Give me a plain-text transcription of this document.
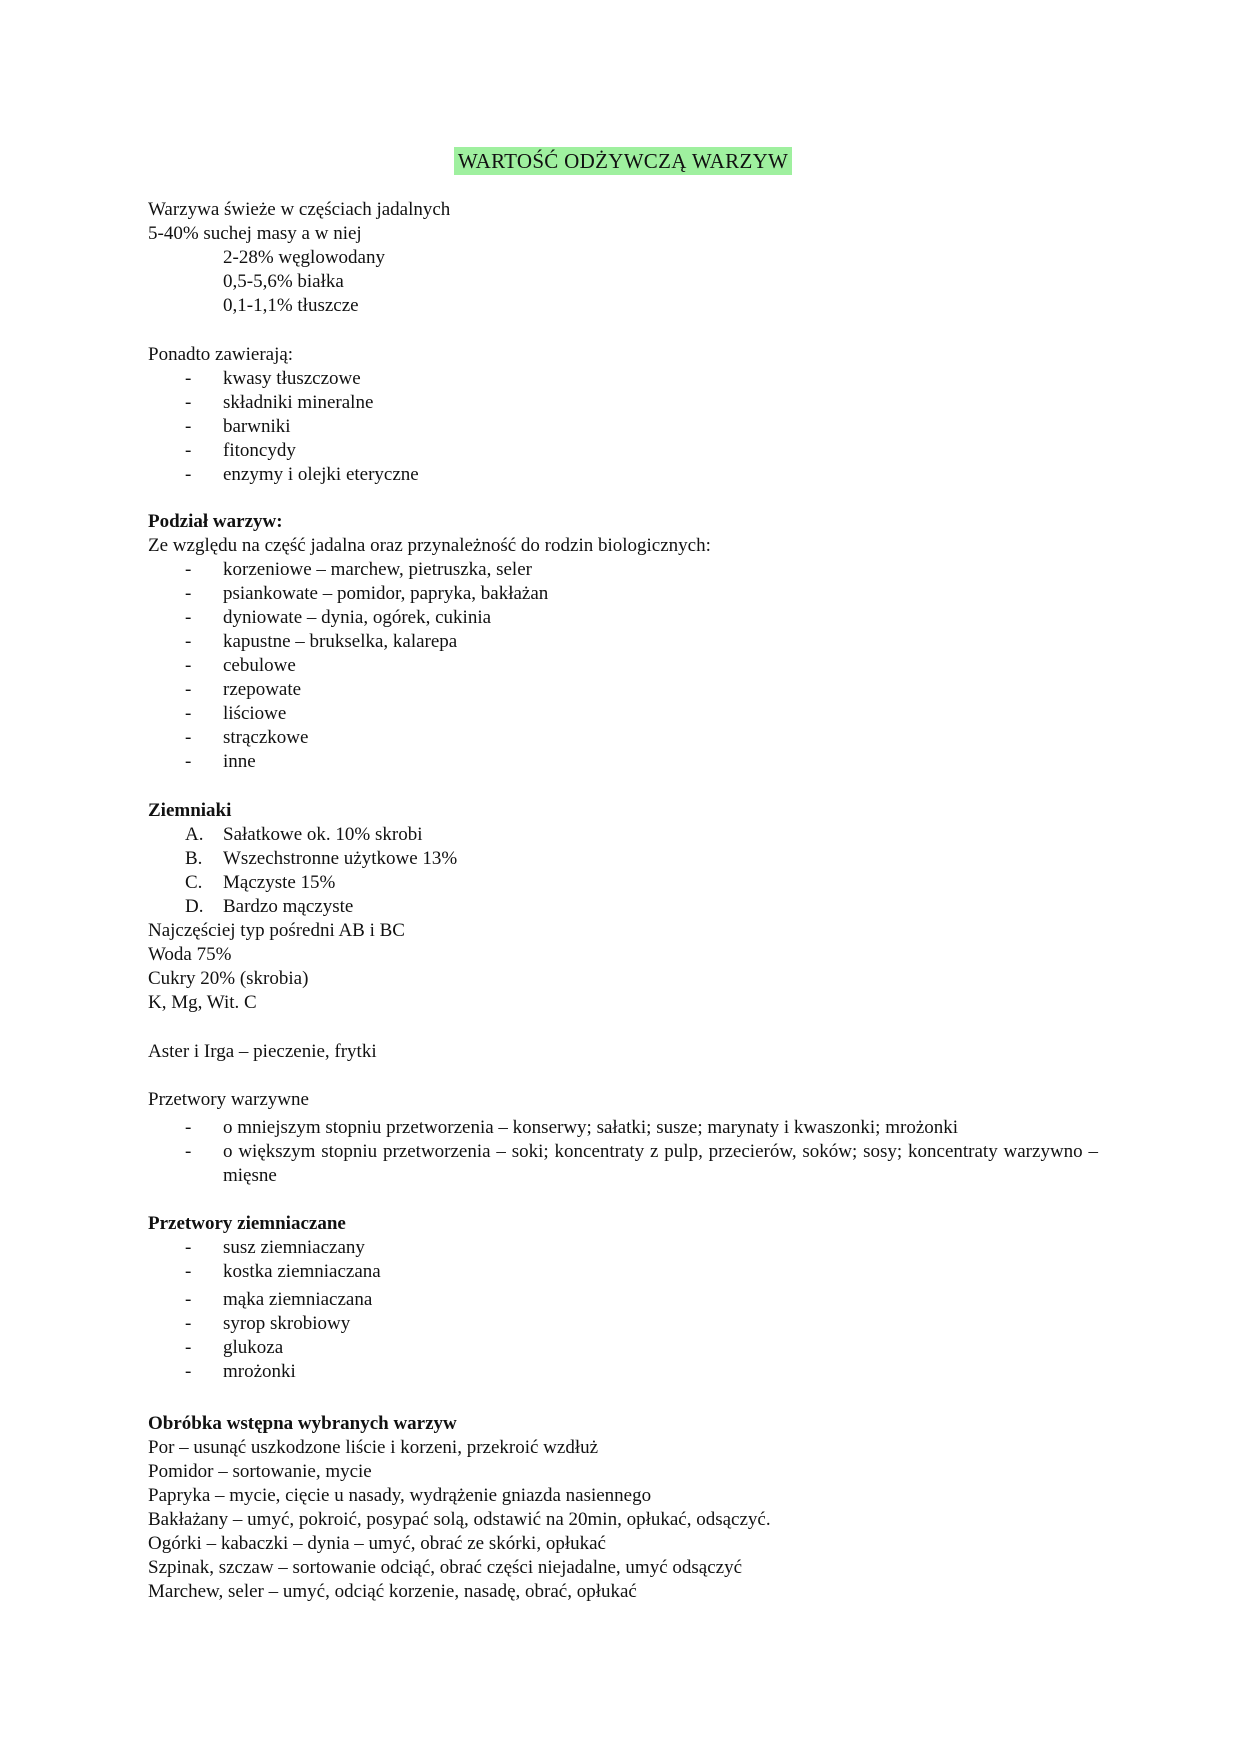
WARTOŚĆ ODŻYWCZĄ WARZYW
Warzywa świeże w częściach jadalnych
5-40% suchej masy a w niej
2-28% węglowodany
0,5-5,6% białka
0,1-1,1% tłuszcze
Ponadto zawierają:
- kwasy tłuszczowe
- składniki mineralne
- barwniki
- fitoncydy
- enzymy i olejki eteryczne
Podział warzyw:
Ze względu na część jadalna oraz przynależność do rodzin biologicznych:
- korzeniowe – marchew, pietruszka, seler
- psiankowate – pomidor, papryka, bakłażan
- dyniowate – dynia, ogórek, cukinia
- kapustne – brukselka, kalarepa
- cebulowe
- rzepowate
- liściowe
- strączkowe
- inne
Ziemniaki
A. Sałatkowe ok. 10% skrobi
B. Wszechstronne użytkowe 13%
C. Mączyste 15%
D. Bardzo mączyste
Najczęściej typ pośredni AB i BC
Woda 75%
Cukry 20% (skrobia)
K, Mg, Wit. C
Aster i Irga – pieczenie, frytki
Przetwory warzywne
- o mniejszym stopniu przetworzenia – konserwy; sałatki; susze; marynaty i kwaszonki; mrożonki
- o większym stopniu przetworzenia – soki; koncentraty z pulp, przecierów, soków; sosy; koncentraty warzywno – mięsne
Przetwory ziemniaczane
- susz ziemniaczany
- kostka ziemniaczana
- mąka ziemniaczana
- syrop skrobiowy
- glukoza
- mrożonki
Obróbka wstępna wybranych warzyw
Por – usunąć uszkodzone liście i korzeni, przekroić wzdłuż
Pomidor – sortowanie, mycie
Papryka – mycie, cięcie u nasady, wydrążenie gniazda nasiennego
Bakłażany – umyć, pokroić, posypać solą, odstawić na 20min, opłukać, odsączyć.
Ogórki – kabaczki – dynia – umyć, obrać ze skórki, opłukać
Szpinak, szczaw – sortowanie odciąć, obrać części niejadalne, umyć odsączyć
Marchew, seler – umyć, odciąć korzenie, nasadę, obrać, opłukać
